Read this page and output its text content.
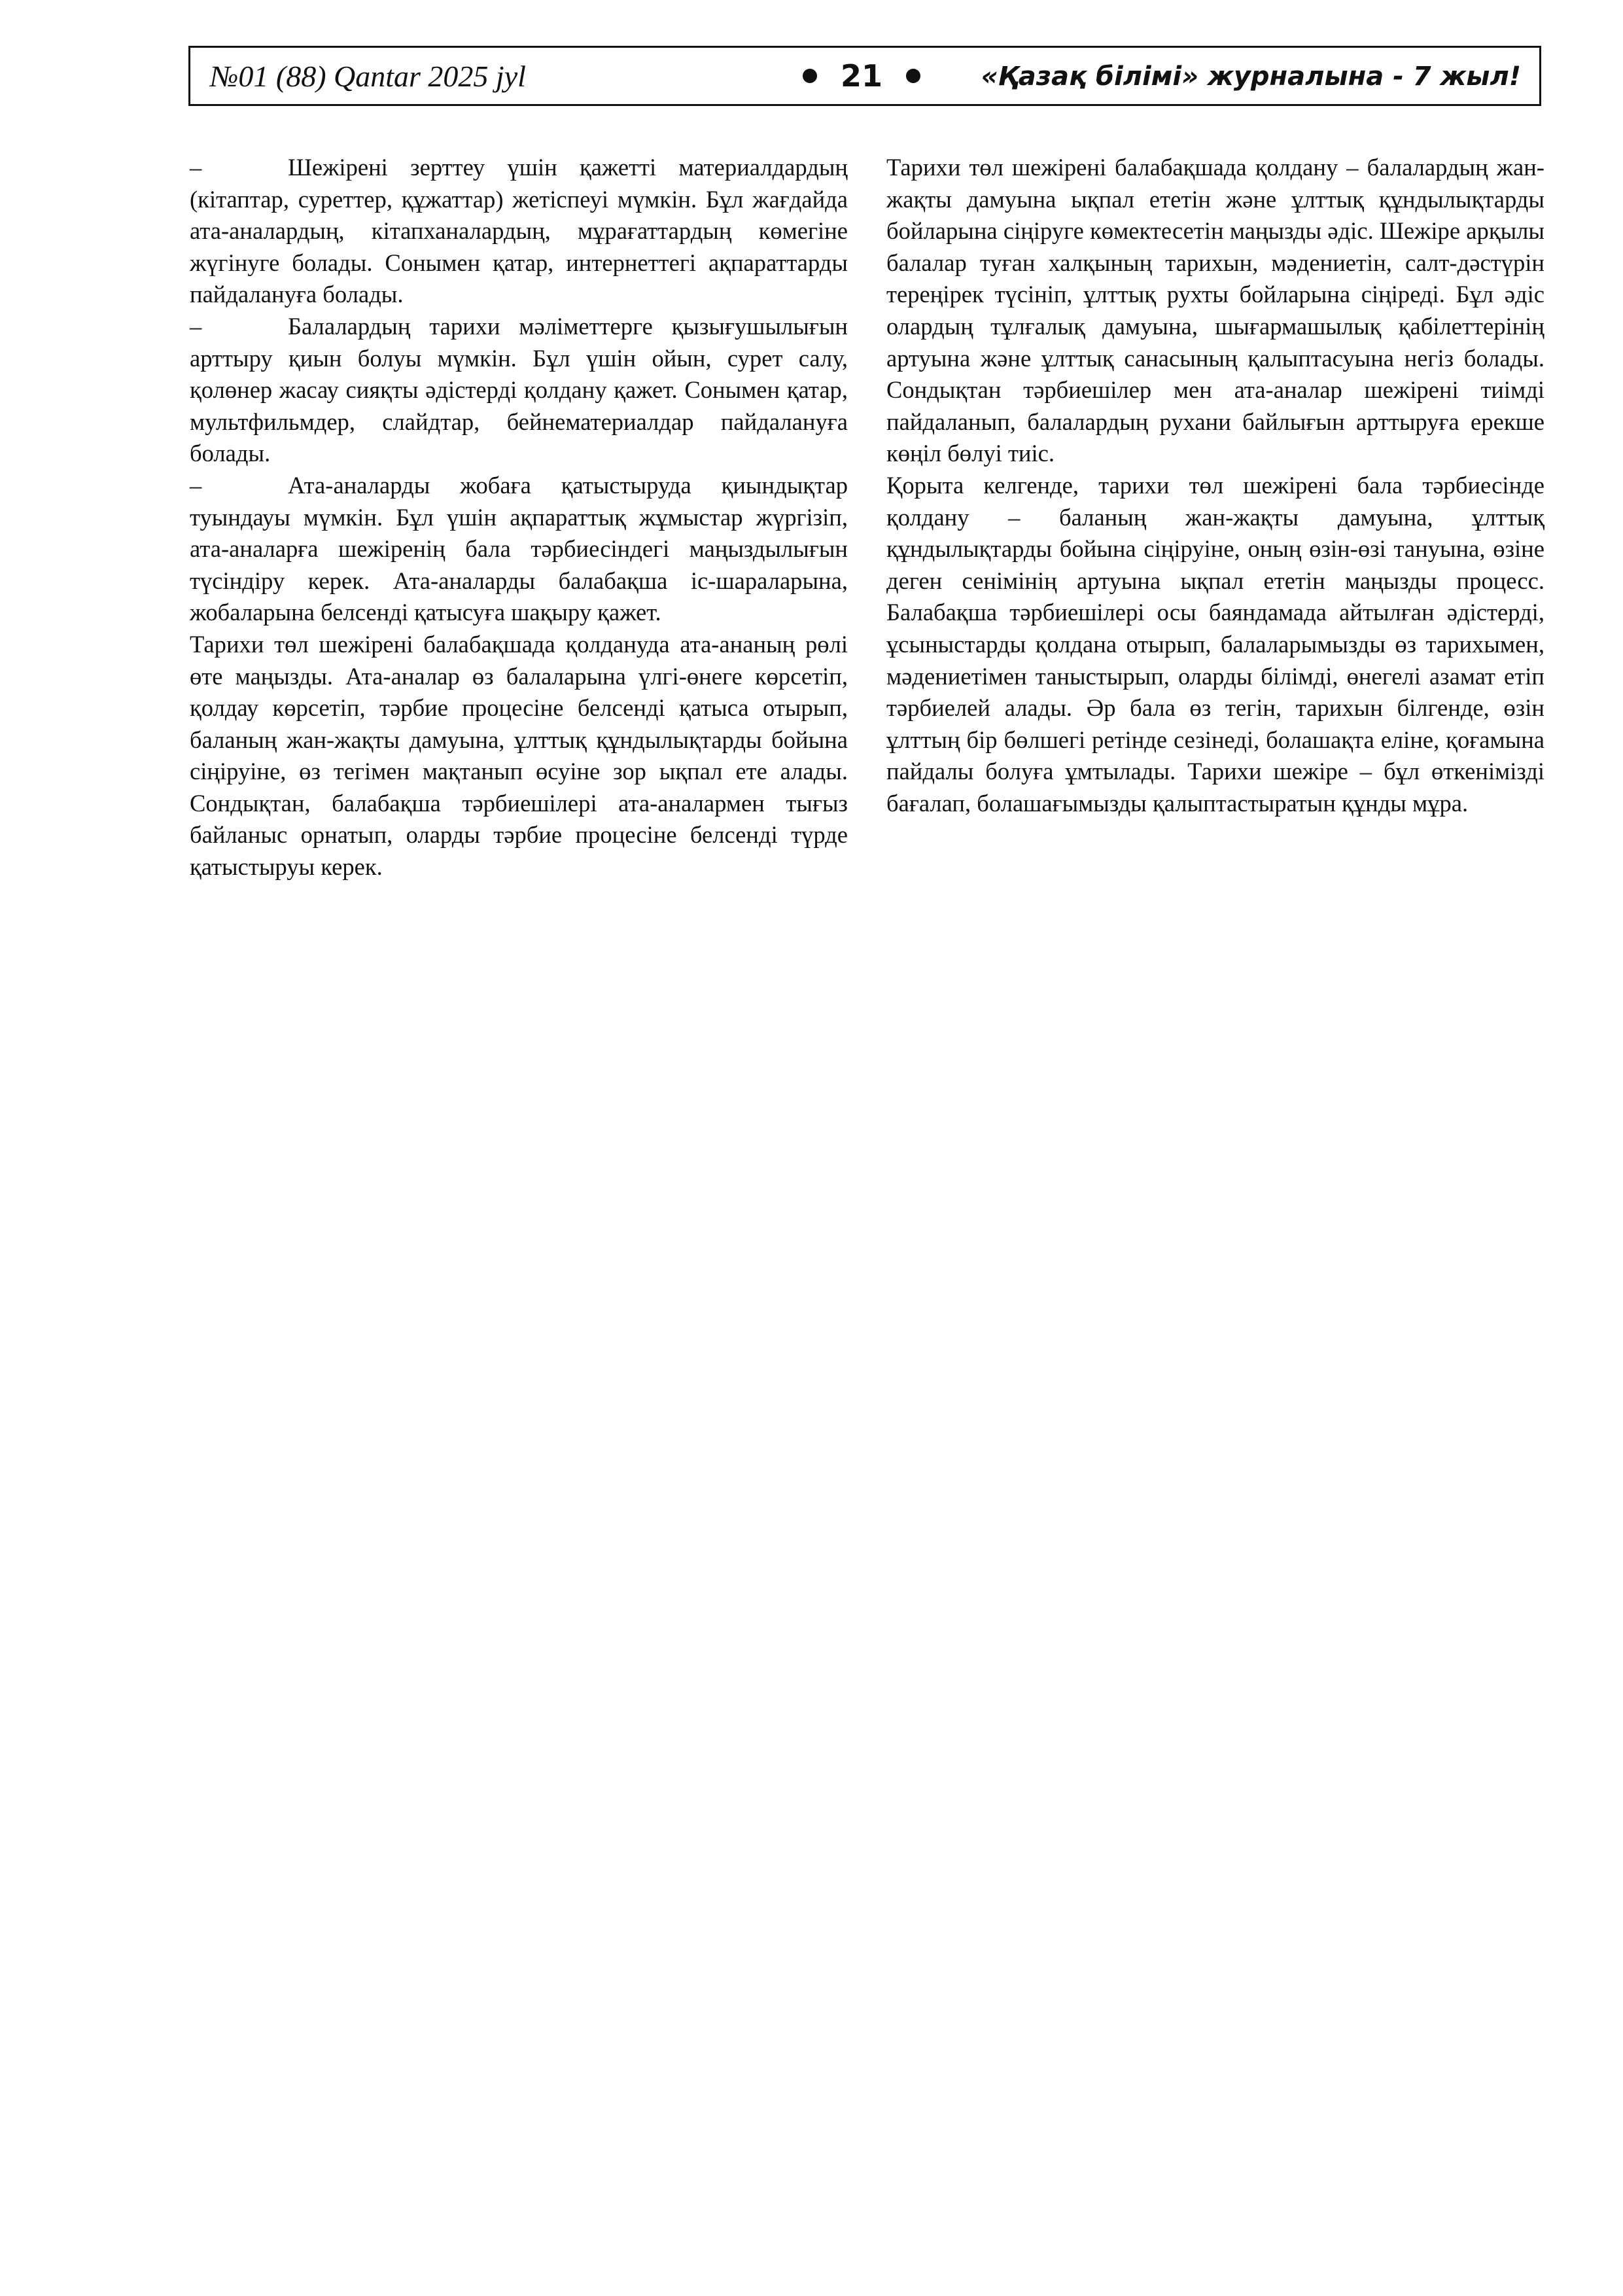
№01 (88) Qantar 2025 jyl	21	«Қазақ білімі» журналына - 7 жыл!

–	Шежірені зерттеу үшін қажетті материалдардың (кітаптар, суреттер, құжаттар) жетіспеуі мүмкін. Бұл жағдайда ата-аналардың, кітапханалардың, мұрағаттардың көмегіне жүгінуге болады. Сонымен қатар, интернеттегі ақпараттарды пайдалануға болады.

–	Балалардың тарихи мәліметтерге қызығушылығын арттыру қиын болуы мүмкін. Бұл үшін ойын, сурет салу, қолөнер жасау сияқты әдістерді қолдану қажет. Сонымен қатар, мультфильмдер, слайдтар, бейнематериалдар пайдалануға болады.

–	Ата-аналарды жобаға қатыстыруда қиындықтар туындауы мүмкін. Бұл үшін ақпараттық жұмыстар жүргізіп, ата-аналарға шежіренің бала тәрбиесіндегі маңыздылығын түсіндіру керек. Ата-аналарды балабақша іс-шараларына, жобаларына белсенді қатысуға шақыру қажет.

Тарихи төл шежірені балабақшада қолдануда ата-ананың рөлі өте маңызды. Ата-аналар өз балаларына үлгі-өнеге көрсетіп, қолдау көрсетіп, тәрбие процесіне белсенді қатыса отырып, баланың жан-жақты дамуына, ұлттық құндылықтарды бойына сіңіруіне, өз тегімен мақтанып өсуіне зор ықпал ете алады. Сондықтан, балабақша тәрбиешілері ата-аналармен тығыз байланыс орнатып, оларды тәрбие процесіне белсенді түрде қатыстыруы керек.

Тарихи төл шежірені балабақшада қолдану – балалардың жан-жақты дамуына ықпал ететін және ұлттық құндылықтарды бойларына сіңіруге көмектесетін маңызды әдіс. Шежіре арқылы балалар туған халқының тарихын, мәдениетін, салт-дәстүрін тереңірек түсініп, ұлттық рухты бойларына сіңіреді. Бұл әдіс олардың тұлғалық дамуына, шығармашылық қабілеттерінің артуына және ұлттық санасының қалыптасуына негіз болады. Сондықтан тәрбиешілер мен ата-аналар шежірені тиімді пайдаланып, балалардың рухани байлығын арттыруға ерекше көңіл бөлуі тиіс.

Қорыта келгенде, тарихи төл шежірені бала тәрбиесінде қолдану – баланың жан-жақты дамуына, ұлттық құндылықтарды бойына сіңіруіне, оның өзін-өзі тануына, өзіне деген сенімінің артуына ықпал ететін маңызды процесс. Балабақша тәрбиешілері осы баяндамада айтылған әдістерді, ұсыныстарды қолдана отырып, балаларымызды өз тарихымен, мәдениетімен таныстырып, оларды білімді, өнегелі азамат етіп тәрбиелей алады. Әр бала өз тегін, тарихын білгенде, өзін ұлттың бір бөлшегі ретінде сезінеді, болашақта еліне, қоғамына пайдалы болуға ұмтылады. Тарихи шежіре – бұл өткенімізді бағалап, болашағымызды қалыптастыратын құнды мұра.
